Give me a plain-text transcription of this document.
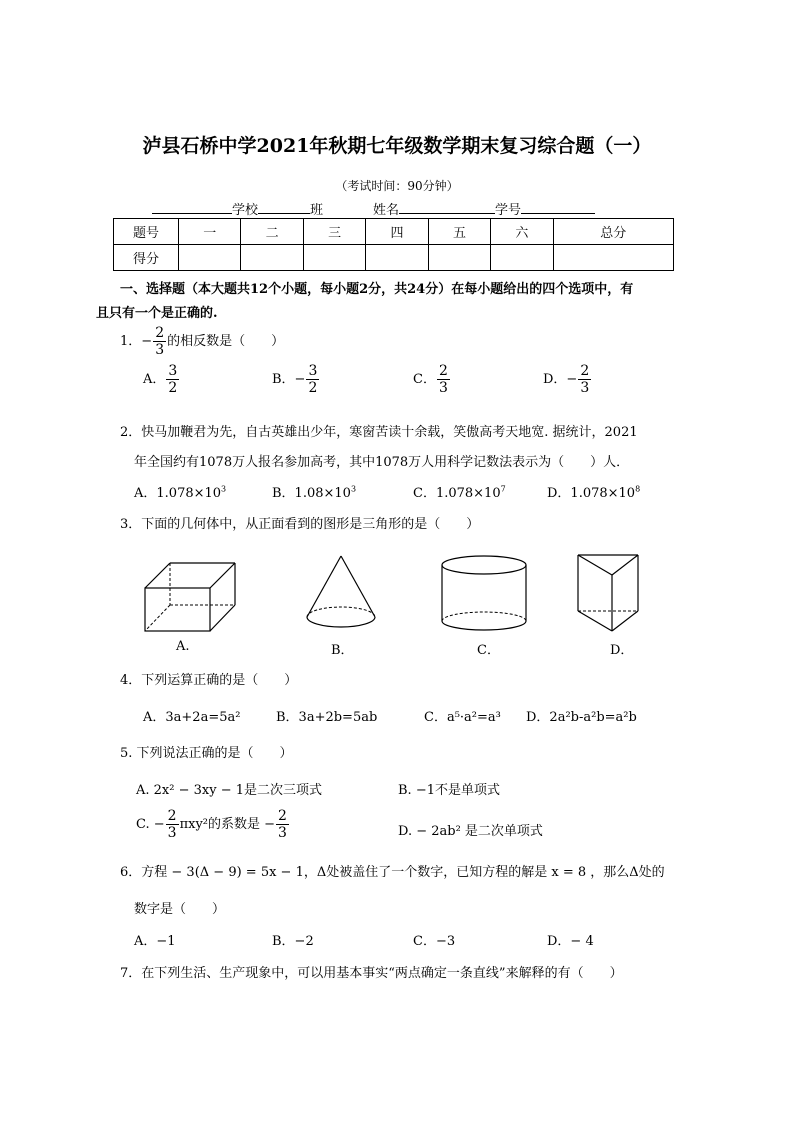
泸县石桥中学2021年秋期七年级数学期末复习综合题（一）
（考试时间：90分钟）
学校	班	姓名	学号
题号	一	二	三	四	五	六	总分
得分							
一、选择题（本大题共12个小题，每小题2分，共24分）在每小题给出的四个选项中，有
且只有一个是正确的.
1．− $\frac{2}{3}$ 的相反数是（　　）
A． $\frac{3}{2}$	B．− $\frac{3}{2}$	C． $\frac{2}{3}$	D．− $\frac{2}{3}$
2．快马加鞭君为先，自古英雄出少年，寒窗苦读十余载，笑傲高考天地宽. 据统计，2021
年全国约有1078万人报名参加高考，其中1078万人用科学记数法表示为（　　）人．
A．$1.078\times 10^3$	B．$1.08\times 10^3$	C．$1.078\times 10^7$	D．$1.078\times 10^8$
3．下面的几何体中，从正面看到的图形是三角形的是（　　）
A.	B．	C．	D．
4．下列运算正确的是（　　）
A．3a+2a=5a²	B．3a+2b=5ab	C．a⁵·a²=a³ D．2a²b-a²b=a²b
5. 下列说法正确的是（　　）
A. 2x² − 3xy − 1是二次三项式	B. −1不是单项式
C. − $\frac{2}{3} \pi xy^2$的系数是 − $\frac{2}{3}$	D. − 2ab² 是二次单项式
6．方程 − 3(Δ − 9) = 5x − 1，Δ处被盖住了一个数字，已知方程的解是 x = 8 ，那么Δ处的
数字是（　　）
A．−1	B．−2	C．−3	D．− 4
7．在下列生活、生产现象中，可以用基本事实“两点确定一条直线”来解释的有（　　）
